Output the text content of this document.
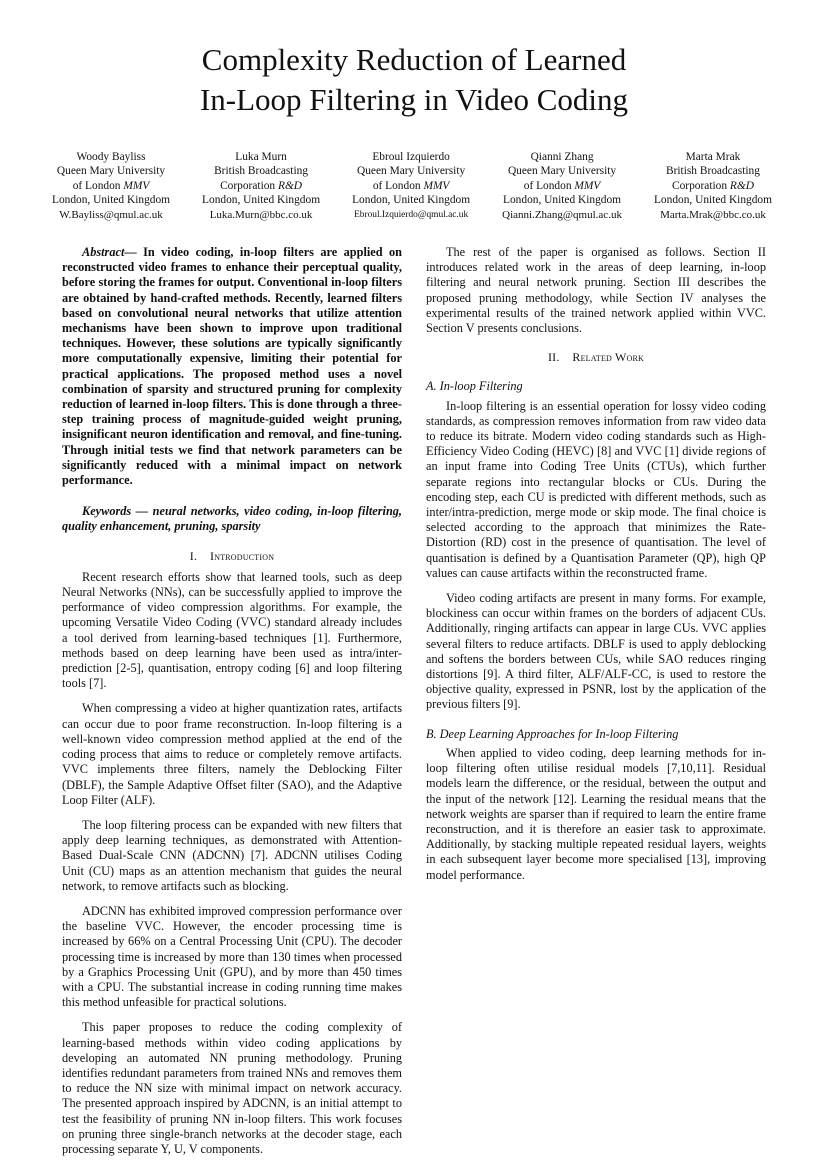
Complexity Reduction of Learned
In-Loop Filtering in Video Coding
Woody Bayliss
Queen Mary University
of London MMV
London, United Kingdom
W.Bayliss@qmul.ac.uk
Luka Murn
British Broadcasting
Corporation R&D
London, United Kingdom
Luka.Murn@bbc.co.uk
Ebroul Izquierdo
Queen Mary University
of London MMV
London, United Kingdom
Ebroul.Izquierdo@qmul.ac.uk
Qianni Zhang
Queen Mary University
of London MMV
London, United Kingdom
Qianni.Zhang@qmul.ac.uk
Marta Mrak
British Broadcasting
Corporation R&D
London, United Kingdom
Marta.Mrak@bbc.co.uk

Abstract— In video coding, in-loop filters are applied on reconstructed video frames to enhance their perceptual quality, before storing the frames for output. Conventional in-loop filters are obtained by hand-crafted methods. Recently, learned filters based on convolutional neural networks that utilize attention mechanisms have been shown to improve upon traditional techniques. However, these solutions are typically significantly more computationally expensive, limiting their potential for practical applications. The proposed method uses a novel combination of sparsity and structured pruning for complexity reduction of learned in-loop filters. This is done through a three-step training process of magnitude-guided weight pruning, insignificant neuron identification and removal, and fine-tuning. Through initial tests we find that network parameters can be significantly reduced with a minimal impact on network performance.

Keywords — neural networks, video coding, in-loop filtering, quality enhancement, pruning, sparsity

I. Introduction

Recent research efforts show that learned tools, such as deep Neural Networks (NNs), can be successfully applied to improve the performance of video compression algorithms. For example, the upcoming Versatile Video Coding (VVC) standard already includes a tool derived from learning-based techniques [1]. Furthermore, methods based on deep learning have been used as intra/inter-prediction [2-5], quantisation, entropy coding [6] and loop filtering tools [7].

When compressing a video at higher quantization rates, artifacts can occur due to poor frame reconstruction. In-loop filtering is a well-known video compression method applied at the end of the coding process that aims to reduce or completely remove artifacts. VVC implements three filters, namely the Deblocking Filter (DBLF), the Sample Adaptive Offset filter (SAO), and the Adaptive Loop Filter (ALF).

The loop filtering process can be expanded with new filters that apply deep learning techniques, as demonstrated with Attention-Based Dual-Scale CNN (ADCNN) [7]. ADCNN utilises Coding Unit (CU) maps as an attention mechanism that guides the neural network, to remove artifacts such as blocking.

ADCNN has exhibited improved compression performance over the baseline VVC. However, the encoder processing time is increased by 66% on a Central Processing Unit (CPU). The decoder processing time is increased by more than 130 times when processed by a Graphics Processing Unit (GPU), and by more than 450 times with a CPU. The substantial increase in coding running time makes this method unfeasible for practical solutions.

This paper proposes to reduce the coding complexity of learning-based methods within video coding applications by developing an automated NN pruning methodology. Pruning identifies redundant parameters from trained NNs and removes them to reduce the NN size with minimal impact on network accuracy. The presented approach inspired by ADCNN, is an initial attempt to test the feasibility of pruning NN in-loop filters. This work focuses on pruning three single-branch networks at the decoder stage, each processing separate Y, U, V components.

The rest of the paper is organised as follows. Section II introduces related work in the areas of deep learning, in-loop filtering and neural network pruning. Section III describes the proposed pruning methodology, while Section IV analyses the experimental results of the trained network applied within VVC. Section V presents conclusions.

II. Related Work
A. In-loop Filtering

In-loop filtering is an essential operation for lossy video coding standards, as compression removes information from raw video data to reduce its bitrate. Modern video coding standards such as High-Efficiency Video Coding (HEVC) [8] and VVC [1] divide regions of an input frame into Coding Tree Units (CTUs), which further separate regions into rectangular blocks or CUs. During the encoding step, each CU is predicted with different methods, such as inter/intra-prediction, merge mode or skip mode. The final choice is selected according to the approach that minimizes the Rate-Distortion (RD) cost in the presence of quantisation. The level of quantisation is defined by a Quantisation Parameter (QP), high QP values can cause artifacts within the reconstructed frame.

Video coding artifacts are present in many forms. For example, blockiness can occur within frames on the borders of adjacent CUs. Additionally, ringing artifacts can appear in large CUs. VVC applies several filters to reduce artifacts. DBLF is used to apply deblocking and softens the borders between CUs, while SAO reduces ringing distortions [9]. A third filter, ALF/ALF-CC, is used to restore the objective quality, expressed in PSNR, lost by the application of the previous filters [9].

B. Deep Learning Approaches for In-loop Filtering

When applied to video coding, deep learning methods for in-loop filtering often utilise residual models [7,10,11]. Residual models learn the difference, or the residual, between the output and the input of the network [12]. Learning the residual means that the network weights are sparser than if required to learn the entire frame reconstruction, and it is therefore an easier task to approximate. Additionally, by stacking multiple repeated residual layers, weights in each subsequent layer become more specialised [13], improving model performance.
